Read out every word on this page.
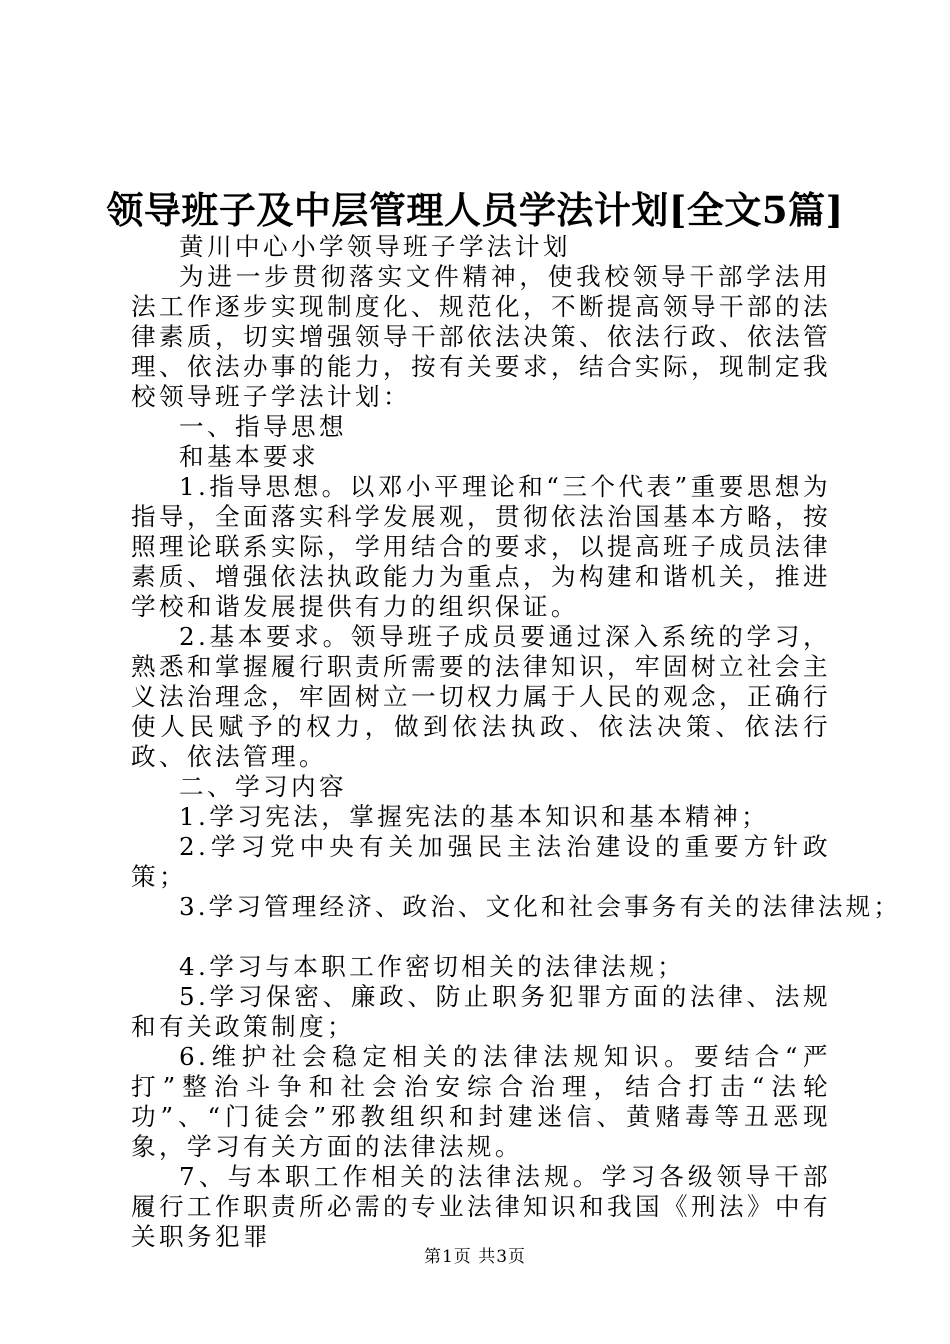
领导班子及中层管理人员学法计划[全文5篇]

黄川中心小学领导班子学法计划

为进一步贯彻落实文件精神，使我校领导干部学法用法工作逐步实现制度化、规范化，不断提高领导干部的法律素质，切实增强领导干部依法决策、依法行政、依法管理、依法办事的能力，按有关要求，结合实际，现制定我校领导班子学法计划：

一、指导思想

和基本要求

1.指导思想。以邓小平理论和“三个代表”重要思想为指导，全面落实科学发展观，贯彻依法治国基本方略，按照理论联系实际，学用结合的要求，以提高班子成员法律素质、增强依法执政能力为重点，为构建和谐机关，推进学校和谐发展提供有力的组织保证。

2.基本要求。领导班子成员要通过深入系统的学习，熟悉和掌握履行职责所需要的法律知识，牢固树立社会主义法治理念，牢固树立一切权力属于人民的观念，正确行使人民赋予的权力，做到依法执政、依法决策、依法行政、依法管理。

二、学习内容

1.学习宪法，掌握宪法的基本知识和基本精神；

2.学习党中央有关加强民主法治建设的重要方针政策；

3.学习管理经济、政治、文化和社会事务有关的法律法规；

4.学习与本职工作密切相关的法律法规；

5.学习保密、廉政、防止职务犯罪方面的法律、法规和有关政策制度；

6.维护社会稳定相关的法律法规知识。要结合“严打”整治斗争和社会治安综合治理，结合打击“法轮功”、“门徒会”邪教组织和封建迷信、黄赌毒等丑恶现象，学习有关方面的法律法规。

7、与本职工作相关的法律法规。学习各级领导干部履行工作职责所必需的专业法律知识和我国《刑法》中有关职务犯罪

第1页 共3页
